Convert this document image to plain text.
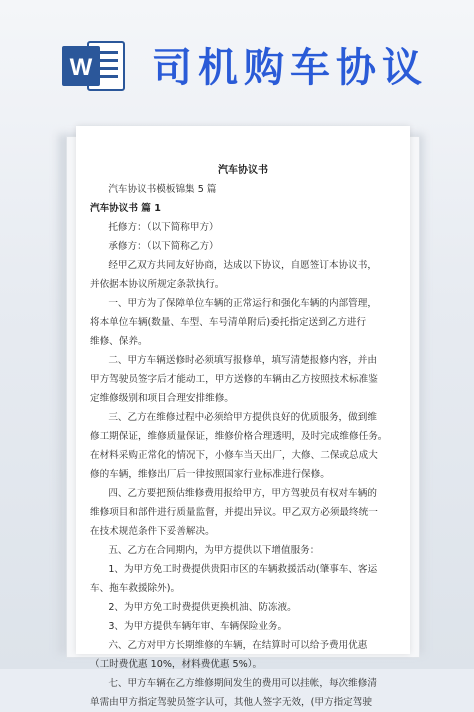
W 司机购车协议
汽车协议书

汽车协议书模板锦集 5 篇

汽车协议书 篇 1

托修方：（以下简称甲方）

承修方：（以下简称乙方）

经甲乙双方共同友好协商，达成以下协议，自愿签订本协议书，

并依据本协议所规定条款执行。

一、甲方为了保障单位车辆的正常运行和强化车辆的内部管理，

将本单位车辆(数量、车型、车号清单附后)委托指定送到乙方进行

维修、保养。

二、甲方车辆送修时必须填写报修单，填写清楚报修内容，并由

甲方驾驶员签字后才能动工，甲方送修的车辆由乙方按照技术标准鉴

定维修级别和项目合理安排维修。

三、乙方在维修过程中必须给甲方提供良好的优质服务，做到维

修工期保证，维修质量保证，维修价格合理透明，及时完成维修任务。

在材料采购正常化的情况下，小修车当天出厂，大修、二保或总成大

修的车辆，维修出厂后一律按照国家行业标准进行保修。

四、乙方要把预估维修费用报给甲方，甲方驾驶员有权对车辆的

维修项目和部件进行质量监督，并提出异议。甲乙双方必须最终统一

在技术规范条件下妥善解决。

五、乙方在合同期内，为甲方提供以下增值服务：

1、为甲方免工时费提供贵阳市区的车辆救援活动(肇事车、客运

车、拖车救援除外)。

2、为甲方免工时费提供更换机油、防冻液。

3、为甲方提供车辆年审、车辆保险业务。

六、乙方对甲方长期维修的车辆，在结算时可以给予费用优惠

（工时费优惠 10%，材料费优惠 5%）。

七、甲方车辆在乙方维修期间发生的费用可以挂帐，每次维修清

单需由甲方指定驾驶员签字认可，其他人签字无效，(甲方指定驾驶
